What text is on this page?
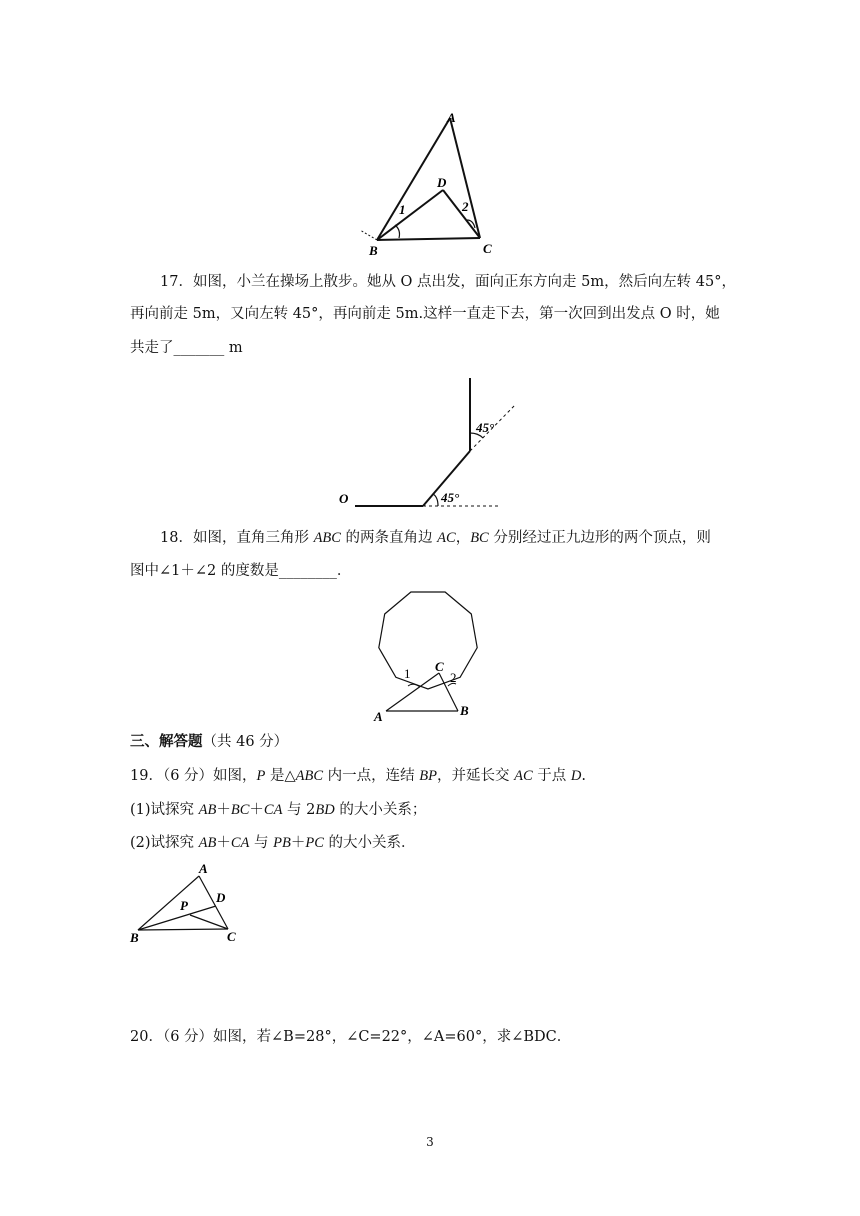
A
B	C
D
1	2
17．如图，小兰在操场上散步。她从 O 点出发，面向正东方向走 5m，然后向左转 45°，
再向前走 5m，又向左转 45°，再向前走 5m.这样一直走下去，第一次回到出发点 O 时，她
共走了_______ m
O	45°
45°
18．如图，直角三角形 ABC 的两条直角边 AC，BC 分别经过正九边形的两个顶点，则
图中∠1＋∠2 的度数是________．
1	2
A	B
C
三、解答题（共 46 分）
19．（6 分）如图，P 是△ABC 内一点，连结 BP，并延长交 AC 于点 D.
(1)试探究 AB＋BC＋CA 与 2BD 的大小关系；
(2)试探究 AB＋CA 与 PB＋PC 的大小关系．
A
B	C
D
P
20．（6 分）如图，若∠B=28°，∠C=22°，∠A=60°，求∠BDC．
3
